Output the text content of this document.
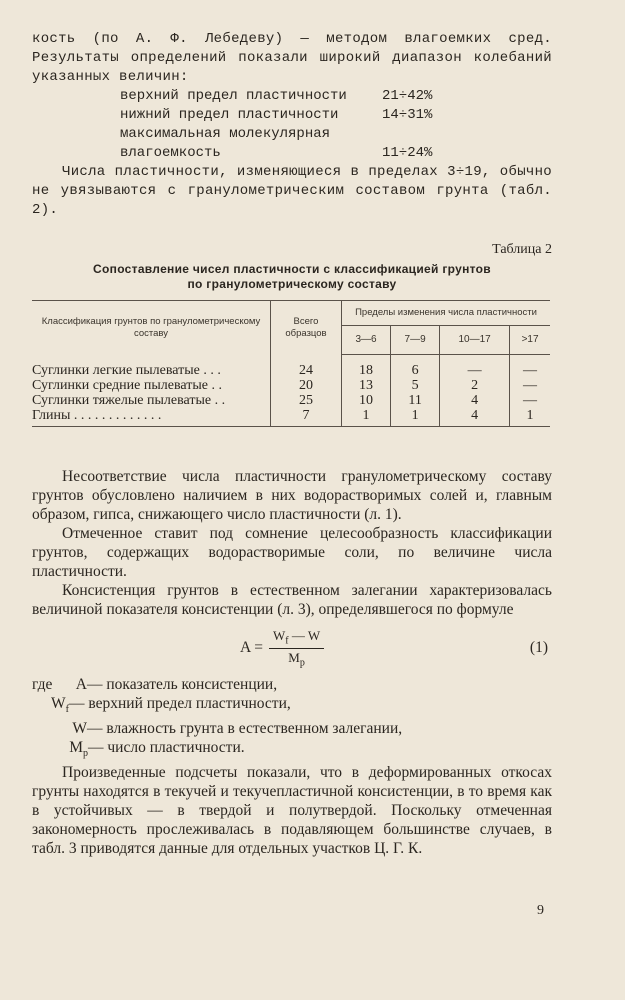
кость (по А. Ф. Лебедеву) — методом влагоемких сред. Результаты определений показали широкий диапазон колебаний указанных величин:

верхний предел пластичности	21÷42%
нижний предел пластичности	14÷31%
максимальная молекулярная
влагоемкость	11÷24%

Числа пластичности, изменяющиеся в пределах 3÷19, обычно не увязываются с гранулометрическим составом грунта (табл. 2).

Таблица 2
Сопоставление чисел пластичности с классификацией грунтов
по гранулометрическому составу
Классификация грунтов по гранулометрическому составу	Всего образцов	Пределы изменения числа пластичности			
		3—6	7—9	10—17	>17
Суглинки легкие пылеватые . . .	24	18	6	—	—
Суглинки средние пылеватые . .	20	13	5	2	—
Суглинки тяжелые пылеватые . .	25	10	11	4	—
Глины . . . . . . . . . . . . .	7	1	1	4	1

Несоответствие числа пластичности гранулометрическому составу грунтов обусловлено наличием в них водорастворимых солей и, главным образом, гипса, снижающего число пластичности (л. 1).

Отмеченное ставит под сомнение целесообразность классификации грунтов, содержащих водорастворимые соли, по величине числа пластичности.

Консистенция грунтов в естественном залегании характеризовалась величиной показателя консистенции (л. 3), определявшегося по формуле

$A = \frac{W_f — W}{M_p}$	(1)
где	A — показатель консистенции,
$W_f$ — верхний предел пластичности,
W — влажность грунта в естественном залегании,
$M_p$ — число пластичности.

Произведенные подсчеты показали, что в деформированных откосах грунты находятся в текучей и текучепластичной консистенции, в то время как в устойчивых — в твердой и полутвердой. Поскольку отмеченная закономерность прослеживалась в подавляющем большинстве случаев, в табл. 3 приводятся данные для отдельных участков Ц. Г. К.

9
